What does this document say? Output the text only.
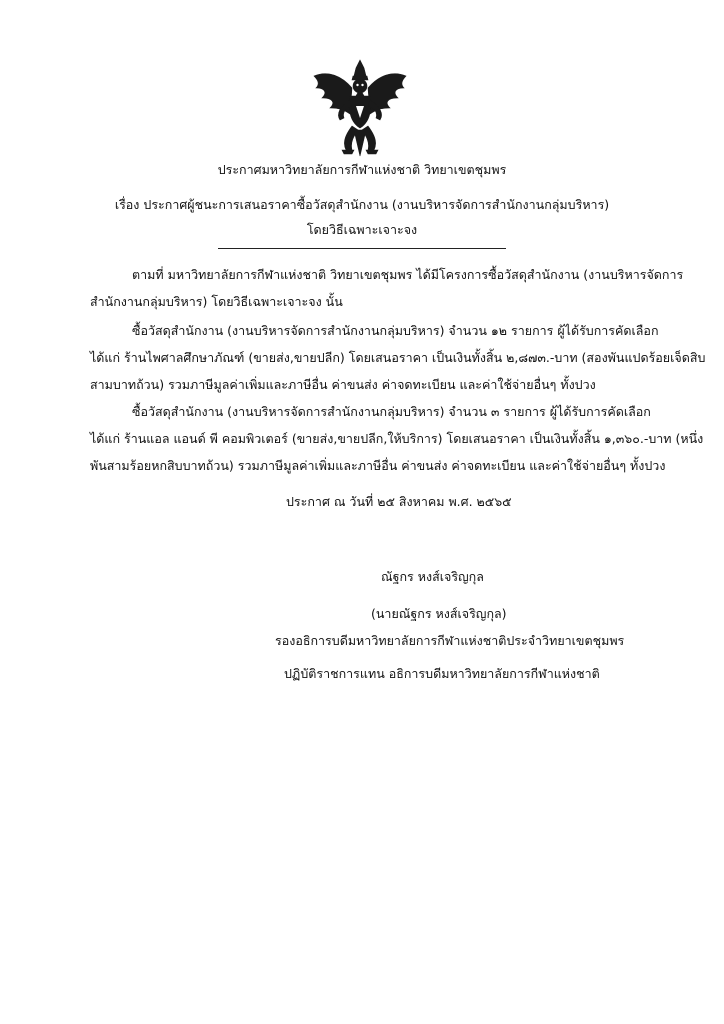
ประกาศมหาวิทยาลัยการกีฬาแห่งชาติ วิทยาเขตชุมพร
เรื่อง ประกาศผู้ชนะการเสนอราคาซื้อวัสดุสำนักงาน (งานบริหารจัดการสำนักงานกลุ่มบริหาร)
โดยวิธีเฉพาะเจาะจง
ตามที่ มหาวิทยาลัยการกีฬาแห่งชาติ วิทยาเขตชุมพร ได้มีโครงการซื้อวัสดุสำนักงาน (งานบริหารจัดการ
สำนักงานกลุ่มบริหาร) โดยวิธีเฉพาะเจาะจง นั้น
ซื้อวัสดุสำนักงาน (งานบริหารจัดการสำนักงานกลุ่มบริหาร) จำนวน ๑๒ รายการ ผู้ได้รับการคัดเลือก
ได้แก่ ร้านไพศาลศึกษาภัณฑ์ (ขายส่ง,ขายปลีก) โดยเสนอราคา เป็นเงินทั้งสิ้น ๒,๘๗๓.-บาท (สองพันแปดร้อยเจ็ดสิบ
สามบาทถ้วน) รวมภาษีมูลค่าเพิ่มและภาษีอื่น ค่าขนส่ง ค่าจดทะเบียน และค่าใช้จ่ายอื่นๆ ทั้งปวง
ซื้อวัสดุสำนักงาน (งานบริหารจัดการสำนักงานกลุ่มบริหาร) จำนวน ๓ รายการ ผู้ได้รับการคัดเลือก
ได้แก่ ร้านแอล แอนด์ พี คอมพิวเตอร์ (ขายส่ง,ขายปลีก,ให้บริการ) โดยเสนอราคา เป็นเงินทั้งสิ้น ๑,๓๖๐.-บาท (หนึ่ง
พันสามร้อยหกสิบบาทถ้วน) รวมภาษีมูลค่าเพิ่มและภาษีอื่น ค่าขนส่ง ค่าจดทะเบียน และค่าใช้จ่ายอื่นๆ ทั้งปวง
ประกาศ ณ วันที่ ๒๕ สิงหาคม พ.ศ. ๒๕๖๕
ณัฐกร หงส์เจริญกุล
(นายณัฐกร หงส์เจริญกุล)
รองอธิการบดีมหาวิทยาลัยการกีฬาแห่งชาติประจำวิทยาเขตชุมพร
ปฏิบัติราชการแทน อธิการบดีมหาวิทยาลัยการกีฬาแห่งชาติ
